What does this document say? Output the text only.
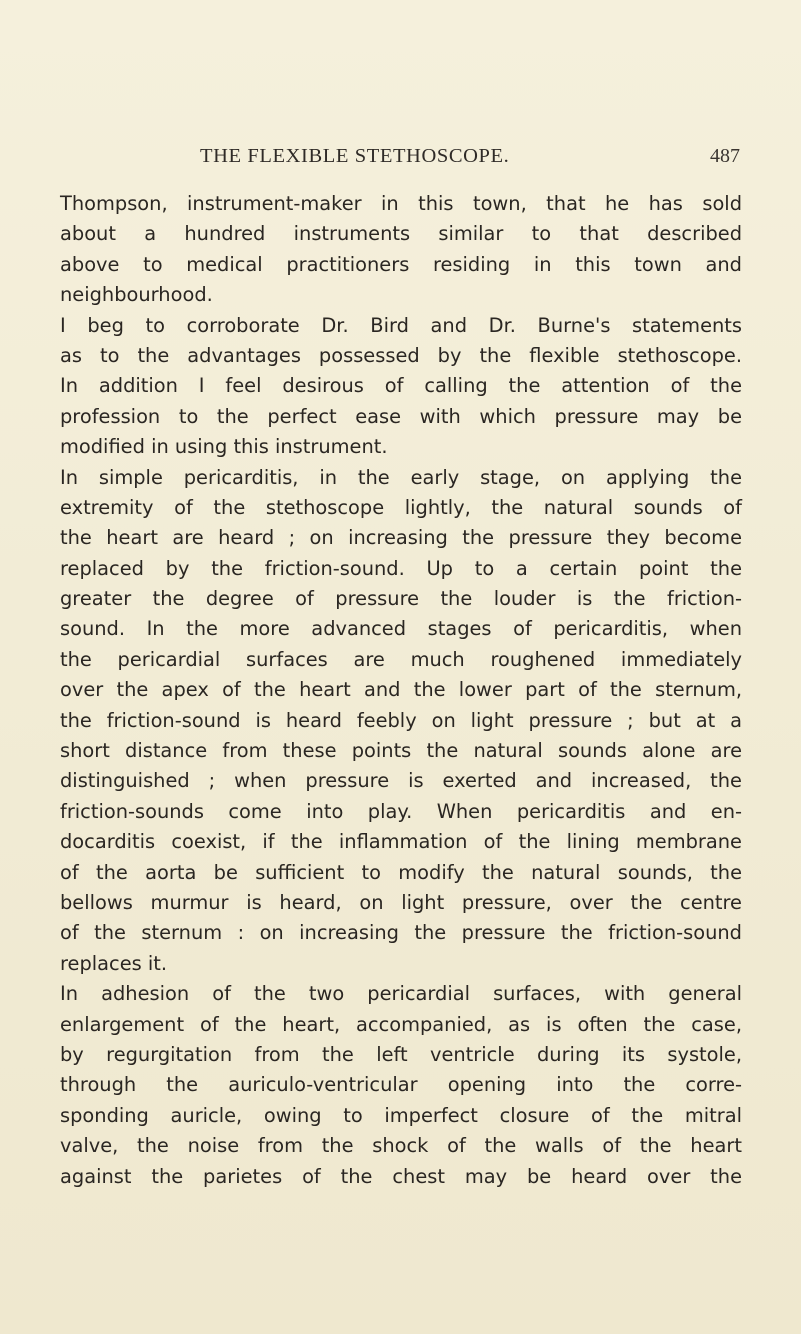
THE FLEXIBLE STETHOSCOPE.	487
Thompson, instrument-maker in this town, that he has sold
about a hundred instruments similar to that described
above to medical practitioners residing in this town and
neighbourhood.
I beg to corroborate Dr. Bird and Dr. Burne's statements
as to the advantages possessed by the flexible stethoscope.
In addition I feel desirous of calling the attention of the
profession to the perfect ease with which pressure may be
modified in using this instrument.
In simple pericarditis, in the early stage, on applying the
extremity of the stethoscope lightly, the natural sounds of
the heart are heard ; on increasing the pressure they become
replaced by the friction-sound. Up to a certain point the
greater the degree of pressure the louder is the friction-
sound. In the more advanced stages of pericarditis, when
the pericardial surfaces are much roughened immediately
over the apex of the heart and the lower part of the sternum,
the friction-sound is heard feebly on light pressure ; but at a
short distance from these points the natural sounds alone are
distinguished ; when pressure is exerted and increased, the
friction-sounds come into play. When pericarditis and en-
docarditis coexist, if the inflammation of the lining membrane
of the aorta be sufficient to modify the natural sounds, the
bellows murmur is heard, on light pressure, over the centre
of the sternum : on increasing the pressure the friction-sound
replaces it.
In adhesion of the two pericardial surfaces, with general
enlargement of the heart, accompanied, as is often the case,
by regurgitation from the left ventricle during its systole,
through the auriculo-ventricular opening into the corre-
sponding auricle, owing to imperfect closure of the mitral
valve, the noise from the shock of the walls of the heart
against the parietes of the chest may be heard over the
